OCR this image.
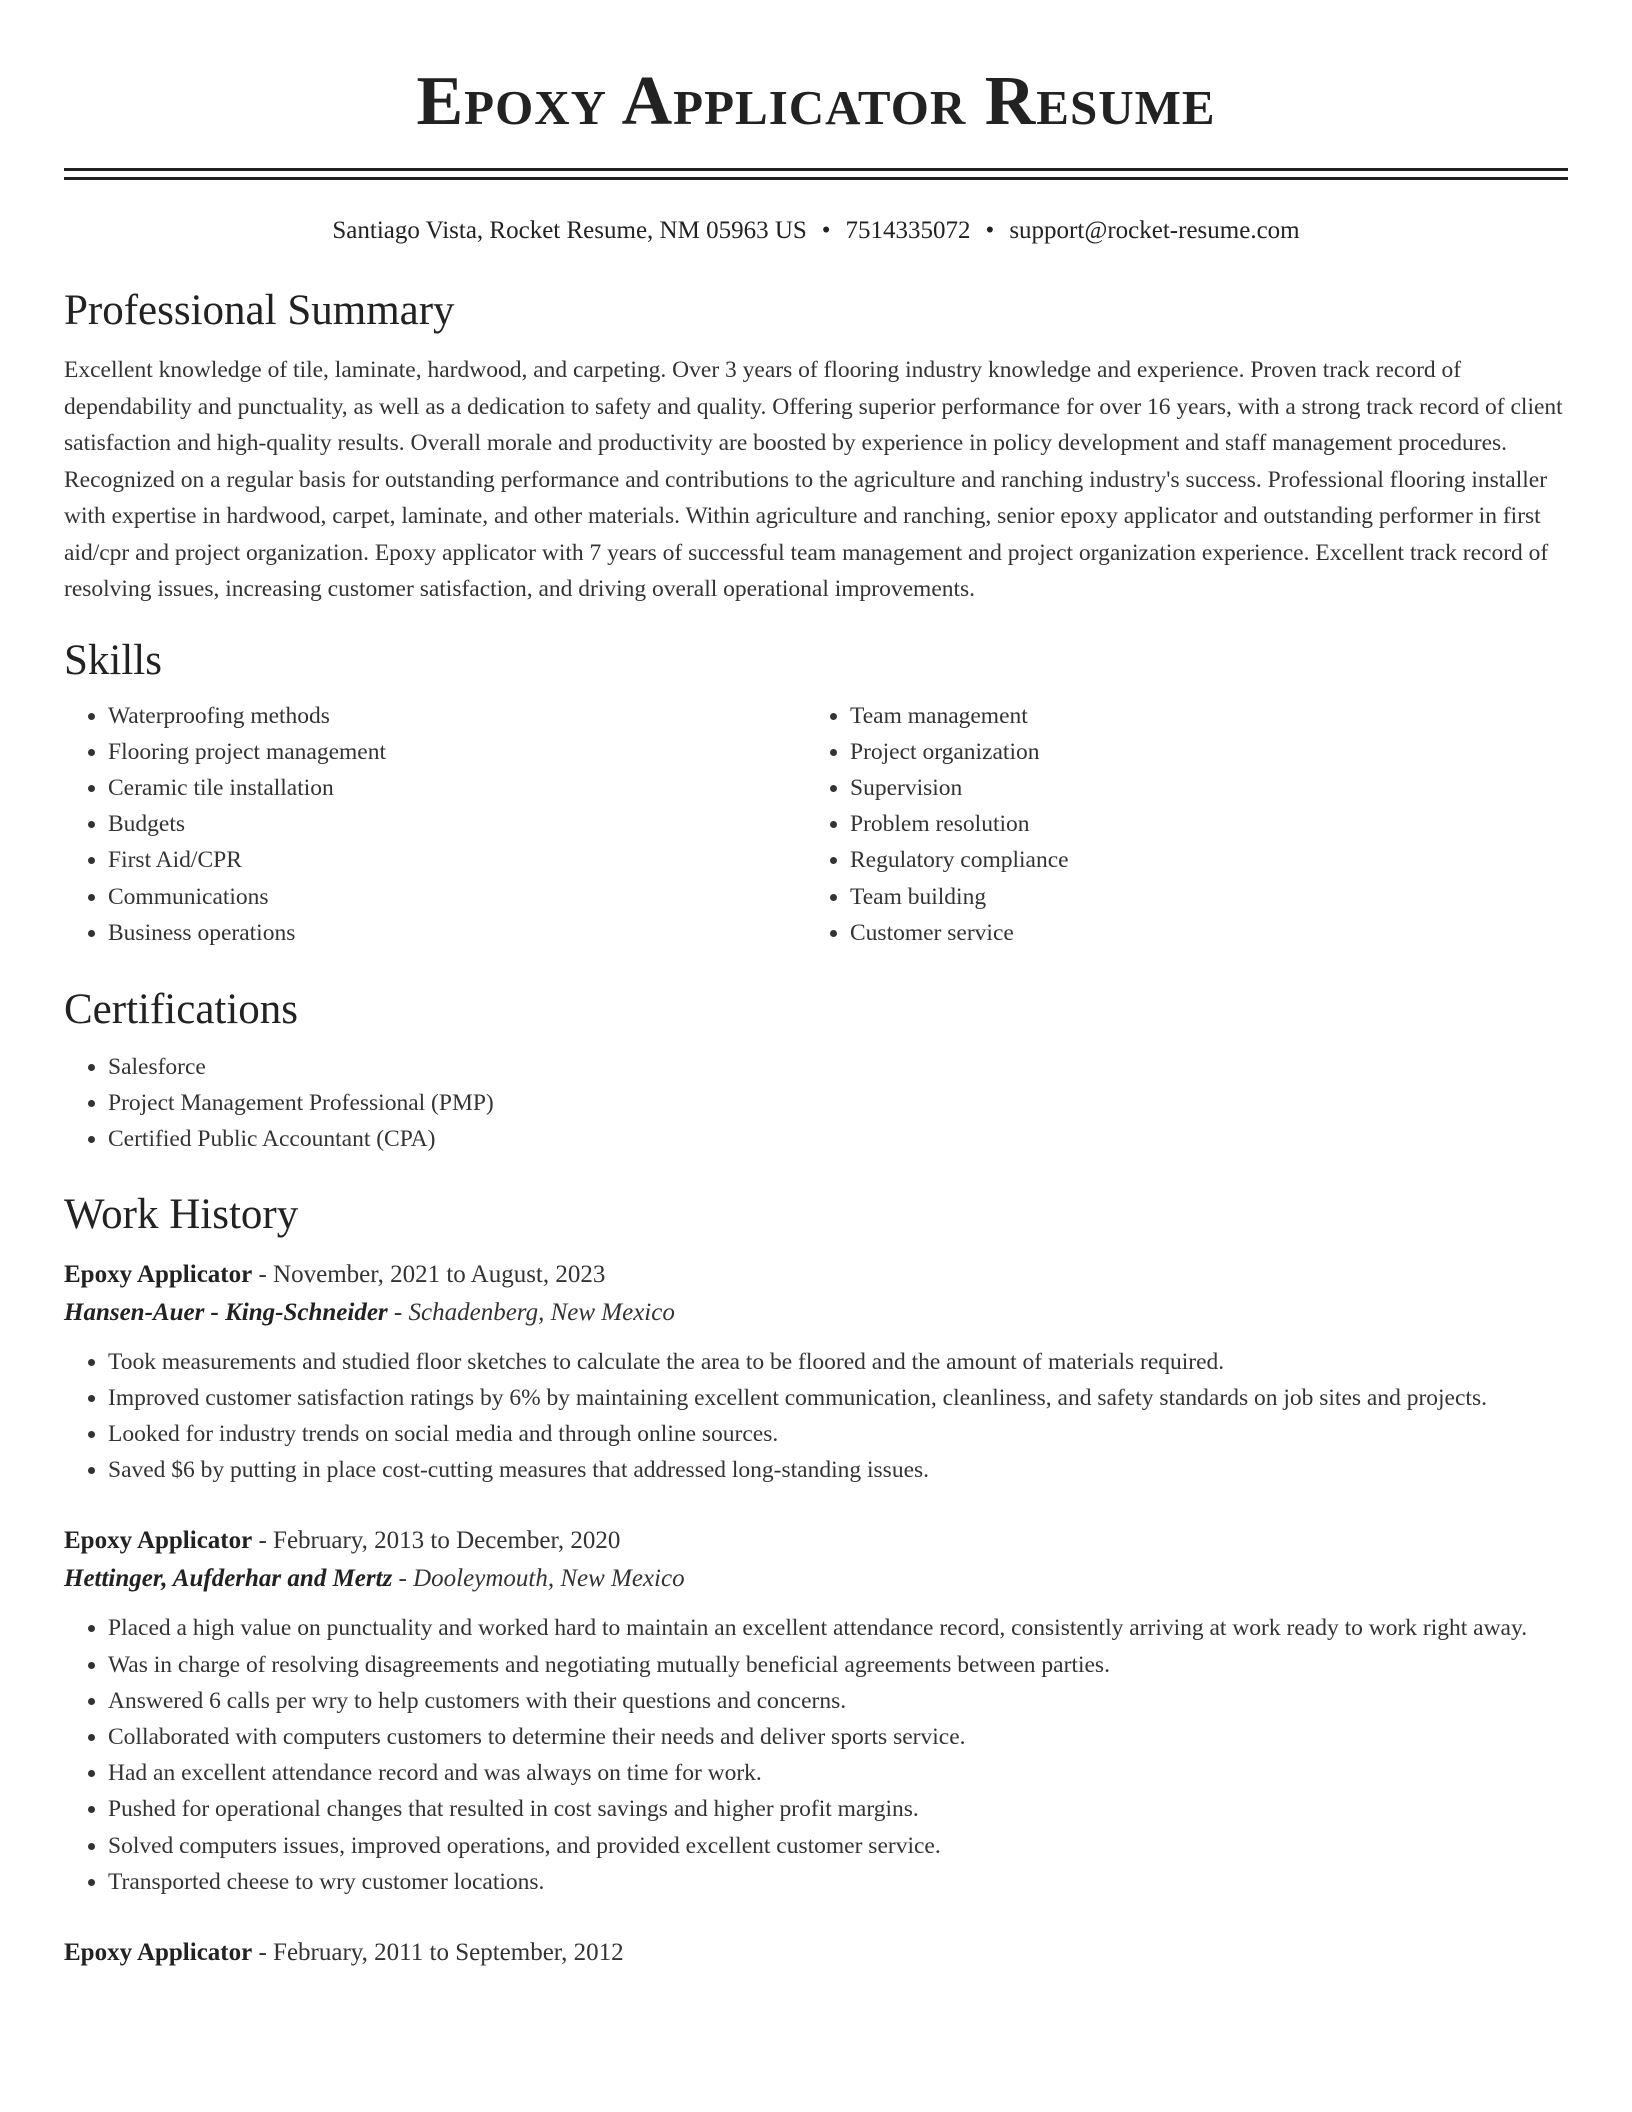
Epoxy Applicator Resume
Santiago Vista, Rocket Resume, NM 05963 US • 7514335072 • support@rocket-resume.com
Professional Summary

Excellent knowledge of tile, laminate, hardwood, and carpeting. Over 3 years of flooring industry knowledge and experience. Proven track record of dependability and punctuality, as well as a dedication to safety and quality. Offering superior performance for over 16 years, with a strong track record of client satisfaction and high-quality results. Overall morale and productivity are boosted by experience in policy development and staff management procedures. Recognized on a regular basis for outstanding performance and contributions to the agriculture and ranching industry's success. Professional flooring installer with expertise in hardwood, carpet, laminate, and other materials. Within agriculture and ranching, senior epoxy applicator and outstanding performer in first aid/cpr and project organization. Epoxy applicator with 7 years of successful team management and project organization experience. Excellent track record of resolving issues, increasing customer satisfaction, and driving overall operational improvements.

Skills
• Waterproofing methods
• Flooring project management
• Ceramic tile installation
• Budgets
• First Aid/CPR
• Communications
• Business operations
• Team management
• Project organization
• Supervision
• Problem resolution
• Regulatory compliance
• Team building
• Customer service
Certifications
• Salesforce
• Project Management Professional (PMP)
• Certified Public Accountant (CPA)
Work History
Epoxy Applicator - November, 2021 to August, 2023
Hansen-Auer - King-Schneider - Schadenberg, New Mexico
• Took measurements and studied floor sketches to calculate the area to be floored and the amount of materials required.
• Improved customer satisfaction ratings by 6% by maintaining excellent communication, cleanliness, and safety standards on job sites and projects.
• Looked for industry trends on social media and through online sources.
• Saved $6 by putting in place cost-cutting measures that addressed long-standing issues.
Epoxy Applicator - February, 2013 to December, 2020
Hettinger, Aufderhar and Mertz - Dooleymouth, New Mexico
• Placed a high value on punctuality and worked hard to maintain an excellent attendance record, consistently arriving at work ready to work right away.
• Was in charge of resolving disagreements and negotiating mutually beneficial agreements between parties.
• Answered 6 calls per wry to help customers with their questions and concerns.
• Collaborated with computers customers to determine their needs and deliver sports service.
• Had an excellent attendance record and was always on time for work.
• Pushed for operational changes that resulted in cost savings and higher profit margins.
• Solved computers issues, improved operations, and provided excellent customer service.
• Transported cheese to wry customer locations.
Epoxy Applicator - February, 2011 to September, 2012
